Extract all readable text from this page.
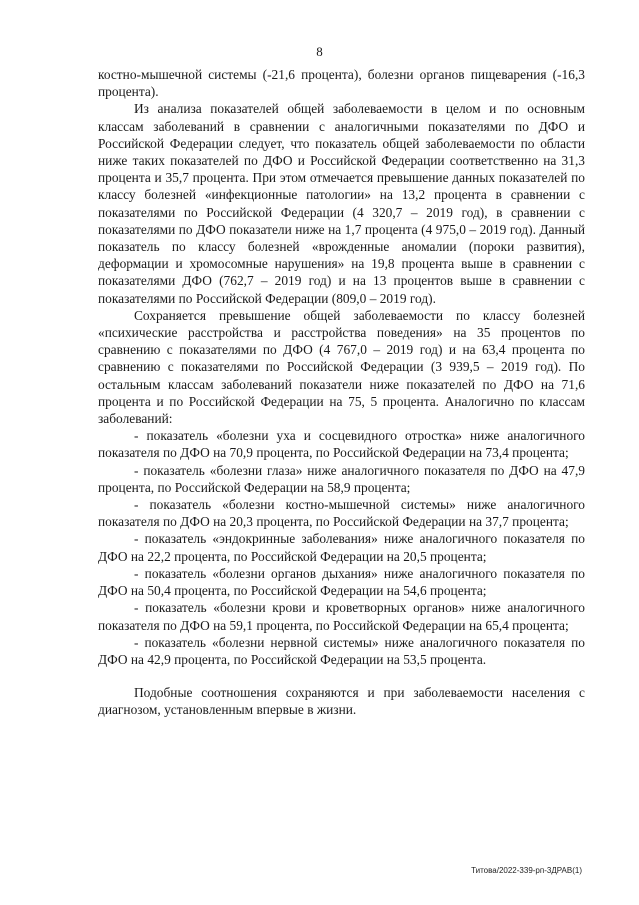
8

костно-мышечной системы (-21,6 процента), болезни органов пищеварения (-16,3 процента).

Из анализа показателей общей заболеваемости в целом и по основным классам заболеваний в сравнении с аналогичными показателями по ДФО и Российской Федерации следует, что показатель общей заболеваемости по области ниже таких показателей по ДФО и Российской Федерации соответственно на 31,3 процента и 35,7 процента. При этом отмечается превышение данных показателей по классу болезней «инфекционные патологии» на 13,2 процента в сравнении с показателями по Российской Федерации (4 320,7 – 2019 год), в сравнении с показателями по ДФО показатели ниже на 1,7 процента (4 975,0 – 2019 год). Данный показатель по классу болезней «врожденные аномалии (пороки развития), деформации и хромосомные нарушения» на 19,8 процента выше в сравнении с показателями ДФО (762,7 – 2019 год) и на 13 процентов выше в сравнении с показателями по Российской Федерации (809,0 – 2019 год).

Сохраняется превышение общей заболеваемости по классу болезней «психические расстройства и расстройства поведения» на 35 процентов по сравнению с показателями по ДФО (4 767,0 – 2019 год) и на 63,4 процента по сравнению с показателями по Российской Федерации (3 939,5 – 2019 год). По остальным классам заболеваний показатели ниже показателей по ДФО на 71,6 процента и по Российской Федерации на 75, 5 процента. Аналогично по классам заболеваний:

- показатель «болезни уха и сосцевидного отростка» ниже аналогичного показателя по ДФО на 70,9 процента, по Российской Федерации на 73,4 процента;

- показатель «болезни глаза» ниже аналогичного показателя по ДФО на 47,9 процента, по Российской Федерации на 58,9 процента;

- показатель «болезни костно-мышечной системы» ниже аналогичного показателя по ДФО на 20,3 процента, по Российской Федерации на 37,7 процента;

- показатель «эндокринные заболевания» ниже аналогичного показателя по ДФО на 22,2 процента, по Российской Федерации на 20,5 процента;

- показатель «болезни органов дыхания» ниже аналогичного показателя по ДФО на 50,4 процента, по Российской Федерации на 54,6 процента;

- показатель «болезни крови и кроветворных органов» ниже аналогичного показателя по ДФО на 59,1 процента, по Российской Федерации на 65,4 процента;

- показатель «болезни нервной системы» ниже аналогичного показателя по ДФО на 42,9 процента, по Российской Федерации на 53,5 процента.

Подобные соотношения сохраняются и при заболеваемости населения с диагнозом, установленным впервые в жизни.

Титова/2022-339-рп-3ДРАВ(1)
